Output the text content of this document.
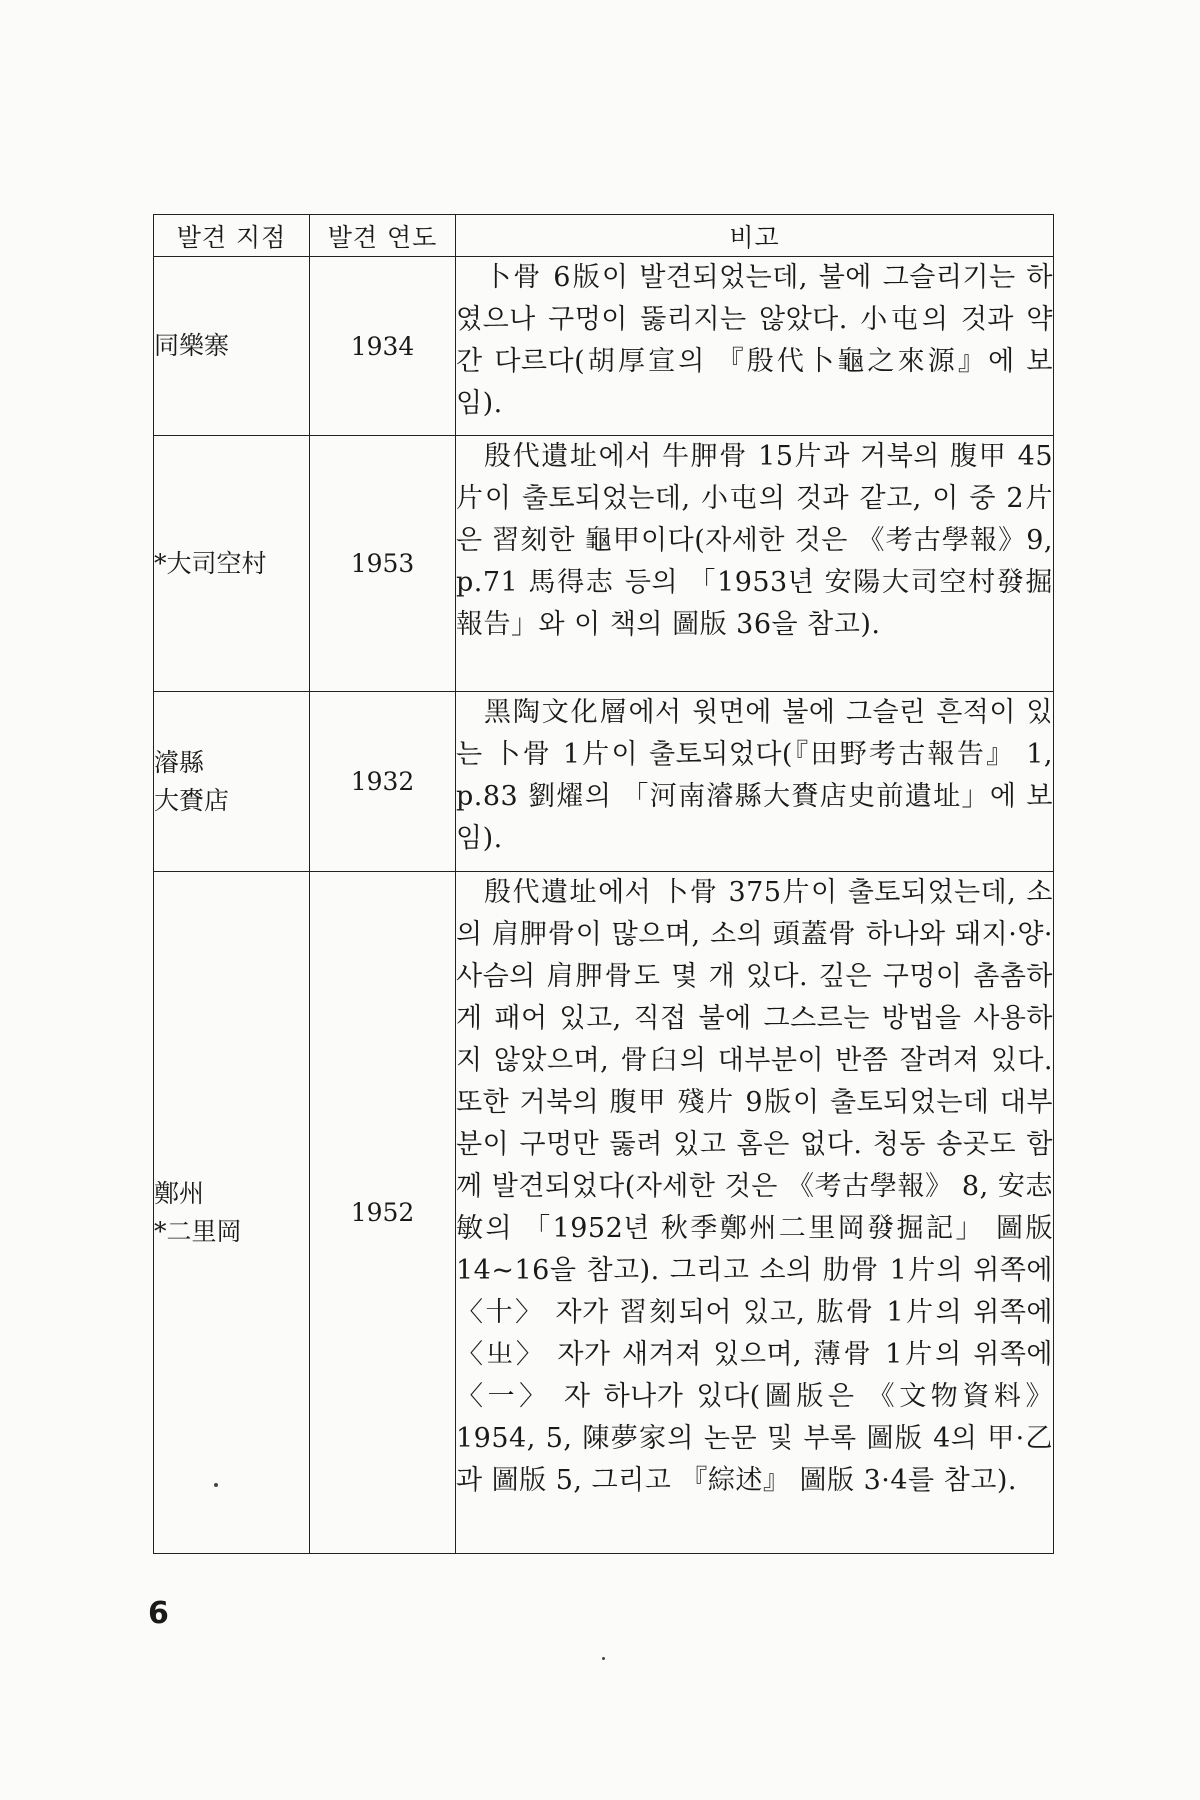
발견 지점	발견 연도	비고

同樂寨	1934	卜骨 6版이 발견되었는데, 불에 그슬리기는 하였으나 구멍이 뚫리지는 않았다. 小屯의 것과 약간 다르다(胡厚宣의 『殷代卜龜之來源』에 보임).

*大司空村	1953	殷代遺址에서 牛胛骨 15片과 거북의 腹甲 45片이 출토되었는데, 小屯의 것과 같고, 이 중 2片은 習刻한 龜甲이다(자세한 것은 《考古學報》9, p.71 馬得志 등의 「1953년 安陽大司空村發掘報告」와 이 책의 圖版 36을 참고).

濬縣
大賚店	1932	黑陶文化層에서 윗면에 불에 그슬린 흔적이 있는 卜骨 1片이 출토되었다(『田野考古報告』 1, p.83 劉燿의 「河南濬縣大賚店史前遺址」에 보임).

鄭州
*二里岡	1952	殷代遺址에서 卜骨 375片이 출토되었는데, 소의 肩胛骨이 많으며, 소의 頭蓋骨 하나와 돼지·양·사슴의 肩胛骨도 몇 개 있다. 깊은 구멍이 촘촘하게 패어 있고, 직접 불에 그스르는 방법을 사용하지 않았으며, 骨臼의 대부분이 반쯤 잘려져 있다. 또한 거북의 腹甲 殘片 9版이 출토되었는데 대부분이 구멍만 뚫려 있고 홈은 없다. 청동 송곳도 함께 발견되었다(자세한 것은 《考古學報》 8, 安志敏의 「1952년 秋季鄭州二里岡發掘記」 圖版 14~16을 참고). 그리고 소의 肋骨 1片의 위쪽에 〈十〉 자가 習刻되어 있고, 肱骨 1片의 위쪽에 〈㞢〉 자가 새겨져 있으며, 薄骨 1片의 위쪽에 〈一〉 자 하나가 있다(圖版은 《文物資料》 1954, 5, 陳夢家의 논문 및 부록 圖版 4의 甲·乙과 圖版 5, 그리고 『綜述』 圖版 3·4를 참고).
6
